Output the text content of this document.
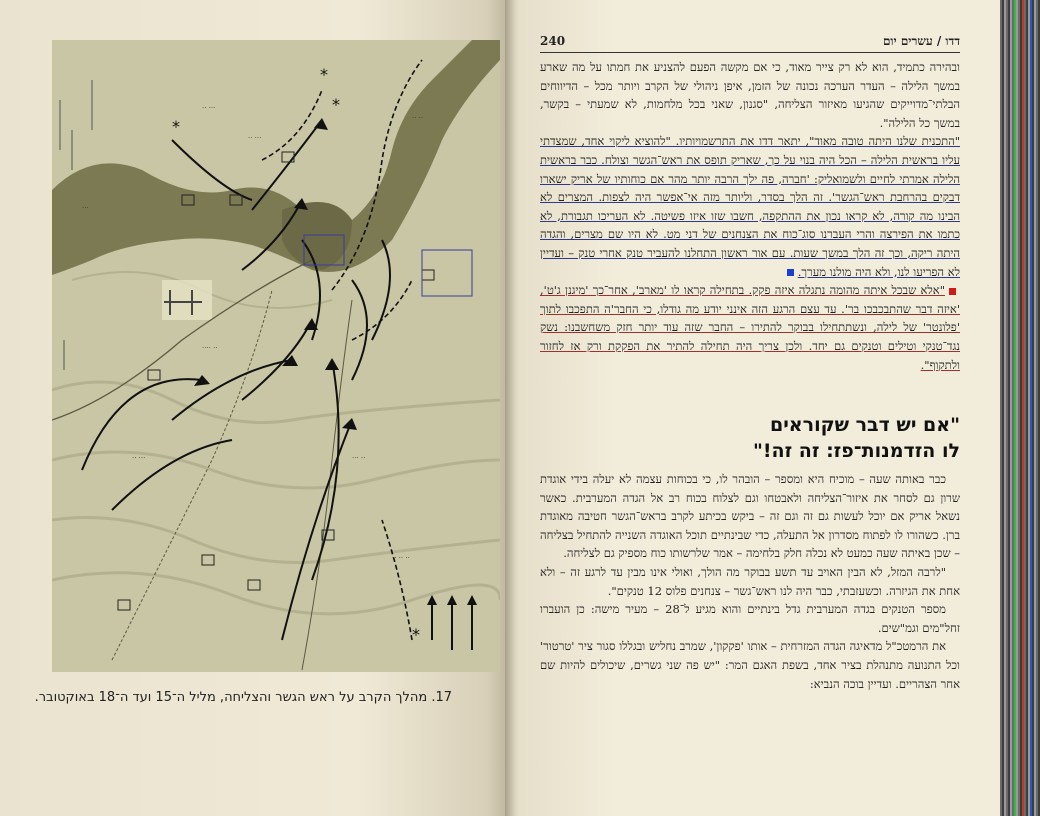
*
*
*
*
·· ···
·· ···
···
·· ··
···· ··
·· ···	··· ··
·· ·· ··
17. מהלך הקרב על ראש הגשר והצליחה, מליל ה־15 ועד ה־18 באוקטובר.
240	דדו / עשרים יום

ובהירה כתמיד, הוא לא רק צייר מאוד, כי אם מקשה הפעם להצניע את חמתו על מה שארע במשך הלילה – העדר הערכה נכונה של הזמן, איפן ניהולי של הקרב ויותר מכל – הדיווחים הבלתי־מדוייקים שהגיעו מאיזור הצליחה, "סגנון, שאני בכל מלחמות, לא שמעתי – בקשר, במשך כל הלילה".

"התכנית שלנו היתה טובה מאוד", יתאר דדו את התרשמויותיו. "להוציא ליקוי אחד, שמצדתי עליו בראשית הלילה – הכל היה בנוי על כך, שאריק תופס את ראש־הגשר וצולח. כבר בראשית הלילה אמרתי לחיים ולשמואליק: 'חברה, פה ילך הרבה יותר מהר אם כוחותיו של אריק ישארו דבקים בהרחבת ראש־הגשר'. זה הלך בסדר, וליותר מזה אי־אפשר היה לצפות. המצרים לא הבינו מה קורה, לא קראו נכון את ההתקפה, חשבו שזו איזו פשיטה. לא העריכו תגבורת, לא כתמו את הפירצה והרי העברנו סוג־כוח את הצנחנים של דני מט. לא היו שם מצרים, והגדה היתה ריקה, וכך זה הלך במשך שעות. עם אור ראשון התחלנו להעביר טנק אחרי טנק – ועדיין לא הפריעו לנו, ולא היה מולנו מערך.

"אלא שבכל איתה מהומה נתגלה איזה פקק. בתחילה קראו לו 'מארב', אחר־כך 'מיגנן ג'ט', 'איזה דבר שהתבכבכו בר'. עד עצם הרגע הזה אינני יודע מה גודלו, כי החבר'ה התפכבו לתוך 'פלונטר' של לילה, ונשתתחילו בבוקר להתירו – החבר שזה עוד יותר חזק משחשבנו: נשק נגד־טנקי וטילים וטנקים גם יחד. ולכן צריך היה תחילה להתיר את הפקקת ורק אז לחזור ולתקוף".

"אם יש דבר שקוראים
לו הזדמנות־פז: זה זה!"

כבר באותה שעה – מוכיח היא ומספר – הובהר לו, כי בכוחות עצמה לא יעלה בידי אוגדת שרון גם לסחר את איזור־הצליחה ולאבטחו וגם לצלוח בכוח רב אל הגדה המערבית. כאשר נשאל אריק אם יוכל לעשות גם זה וגם זה – ביקש בכיתע לקרב בראש־הגשר חטיבה מאוגדת ברן. כשהורו לו לפתוח מסדרון אל התעלה, כדי שבינתיים תוכל האוגדה השנייה להתחיל בצליחה – שכן באיתה שעה כמעט לא נכלה חלק בלחימה – אמר שלרשותו כוח מספיק גם לצליחה.

"לרבה המזל, לא הבין האויב עד תשע בבוקר מה הולך, ואולי אינו מבין עד לרגע זה – ולא אחת את הגיזרה. וכשעזבתי, כבר היה לנו ראש־גשר – צנחנים פלוס 12 טנקים".

מספר הטנקים בגדה המערבית גדל בינתיים והוא מגיע ל־28 – מעיר מישה: כן הועברו זחל"מים וגמ"שים.

את הרמטכ"ל מדאיגה הגדה המזרחית – אותו 'פקקון', שמרב נחליש ובגללו סגור ציר 'טרטור' וכל התנועה מתנהלת בציר אחד, בשפת האגם המר: "יש פה שני גשרים, שיכולים להיות שם אחר הצהריים. ועדיין בוכה הנביא:
